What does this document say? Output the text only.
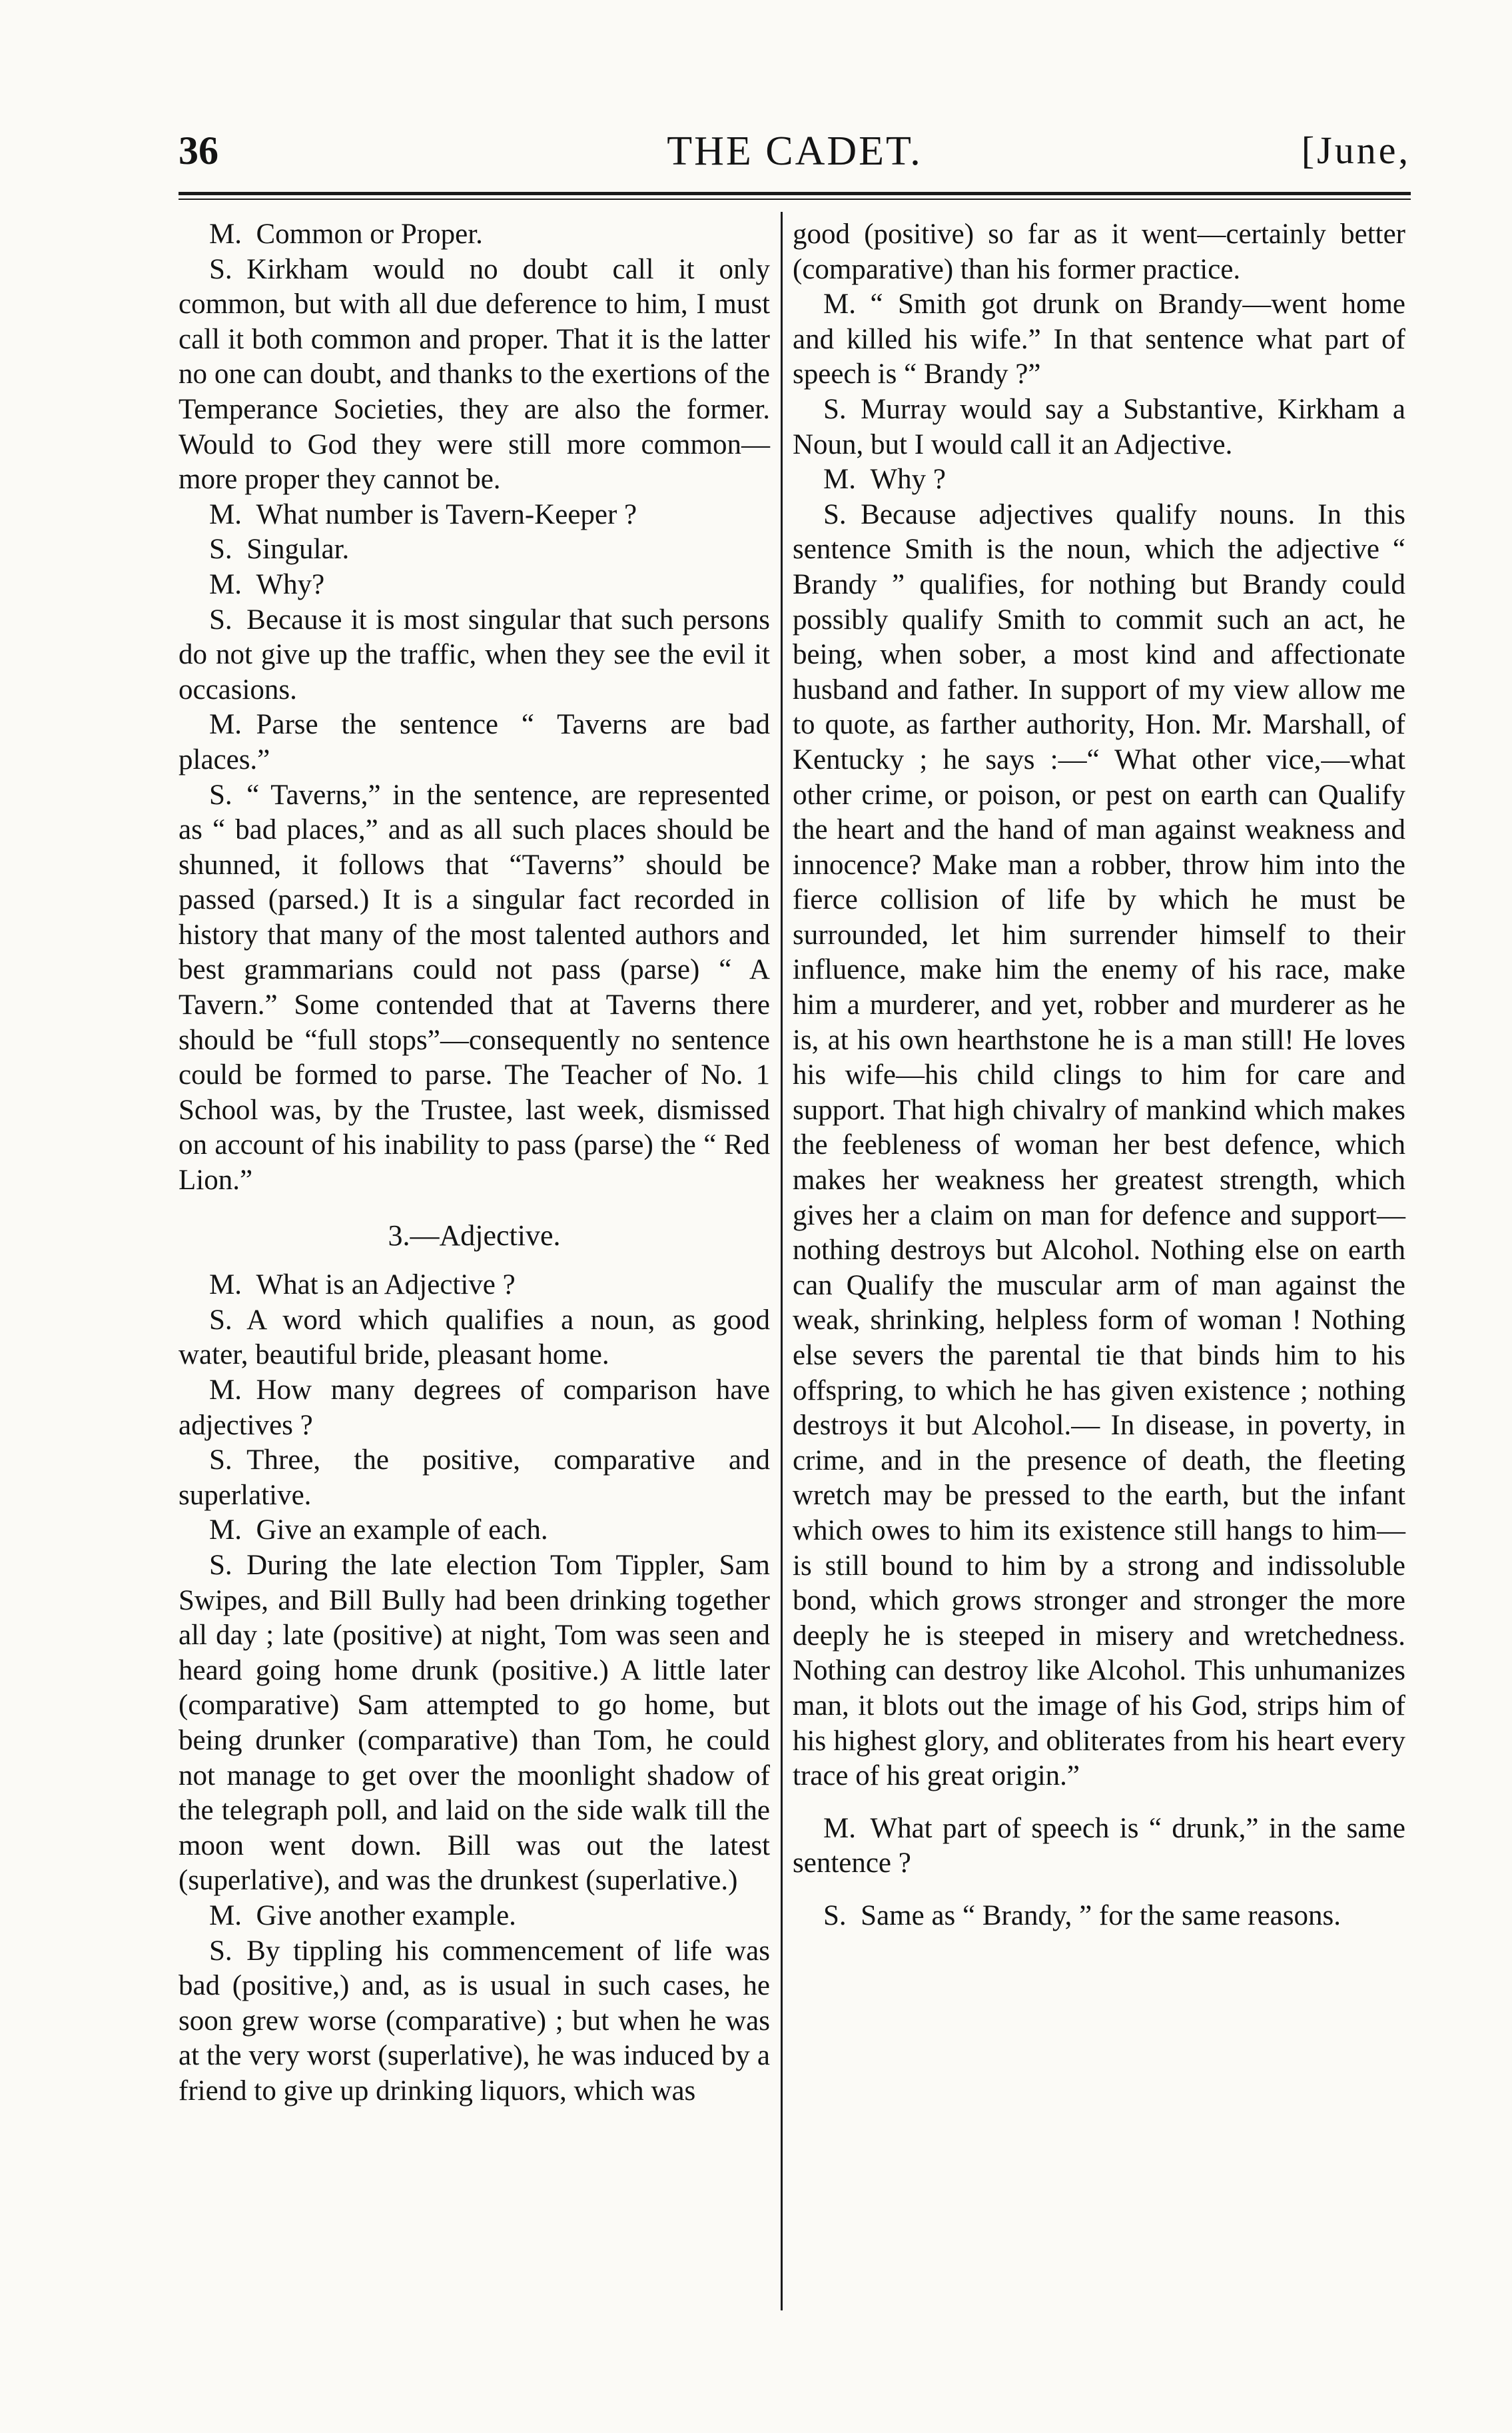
36	THE CADET.	[June,

M.  Common or Proper.

S.  Kirkham would no doubt call it only common, but with all due deference to him, I must call it both common and proper. That it is the latter no one can doubt, and thanks to the exertions of the Temperance Societies, they are also the former. Would to God they were still more common—more proper they cannot be.

M.  What number is Tavern-Keeper ?

S.  Singular.

M.  Why?

S.  Because it is most singular that such persons do not give up the traffic, when they see the evil it occasions.

M.  Parse the sentence “ Taverns are bad places.”

S.  “ Taverns,” in the sentence, are represented as “ bad places,” and as all such places should be shunned, it follows that “Taverns” should be passed (parsed.) It is a singular fact recorded in history that many of the most talented authors and best grammarians could not pass (parse) “ A Tavern.” Some contended that at Taverns there should be “full stops”—consequently no sentence could be formed to parse. The Teacher of No. 1 School was, by the Trustee, last week, dismissed on account of his inability to pass (parse) the “ Red Lion.”

3.—Adjective.

M.  What is an Adjective ?

S.  A word which qualifies a noun, as good water, beautiful bride, pleasant home.

M.  How many degrees of comparison have adjectives ?

S.  Three, the positive, comparative and superlative.

M.  Give an example of each.

S.  During the late election Tom Tippler, Sam Swipes, and Bill Bully had been drinking together all day ; late (positive) at night, Tom was seen and heard going home drunk (positive.) A little later (comparative) Sam attempted to go home, but being drunker (comparative) than Tom, he could not manage to get over the moonlight shadow of the telegraph poll, and laid on the side walk till the moon went down. Bill was out the latest (superlative), and was the drunkest (superlative.)

M.  Give another example.

S.  By tippling his commencement of life was bad (positive,) and, as is usual in such cases, he soon grew worse (comparative) ; but when he was at the very worst (superlative), he was induced by a friend to give up drinking liquors, which was

good (positive) so far as it went—certainly better (comparative) than his former practice.

M.  “ Smith got drunk on Brandy—went home and killed his wife.” In that sentence what part of speech is “ Brandy ?”

S.  Murray would say a Substantive, Kirkham a Noun, but I would call it an Adjective.

M.  Why ?

S.  Because adjectives qualify nouns. In this sentence Smith is the noun, which the adjective “ Brandy ” qualifies, for nothing but Brandy could possibly qualify Smith to commit such an act, he being, when sober, a most kind and affectionate husband and father. In support of my view allow me to quote, as farther authority, Hon. Mr. Marshall, of Kentucky ; he says :—“ What other vice,—what other crime, or poison, or pest on earth can Qualify the heart and the hand of man against weakness and innocence? Make man a robber, throw him into the fierce collision of life by which he must be surrounded, let him surrender himself to their influence, make him the enemy of his race, make him a murderer, and yet, robber and murderer as he is, at his own hearthstone he is a man still! He loves his wife—his child clings to him for care and support. That high chivalry of mankind which makes the feebleness of woman her best defence, which makes her weakness her greatest strength, which gives her a claim on man for defence and support—nothing destroys but Alcohol. Nothing else on earth can Qualify the muscular arm of man against the weak, shrinking, helpless form of woman ! Nothing else severs the parental tie that binds him to his offspring, to which he has given existence ; nothing destroys it but Alcohol.— In disease, in poverty, in crime, and in the presence of death, the fleeting wretch may be pressed to the earth, but the infant which owes to him its existence still hangs to him—is still bound to him by a strong and indissoluble bond, which grows stronger and stronger the more deeply he is steeped in misery and wretchedness. Nothing can destroy like Alcohol. This unhumanizes man, it blots out the image of his God, strips him of his highest glory, and obliterates from his heart every trace of his great origin.”

M.  What part of speech is “ drunk,” in the same sentence ?

S.  Same as “ Brandy, ” for the same reasons.
